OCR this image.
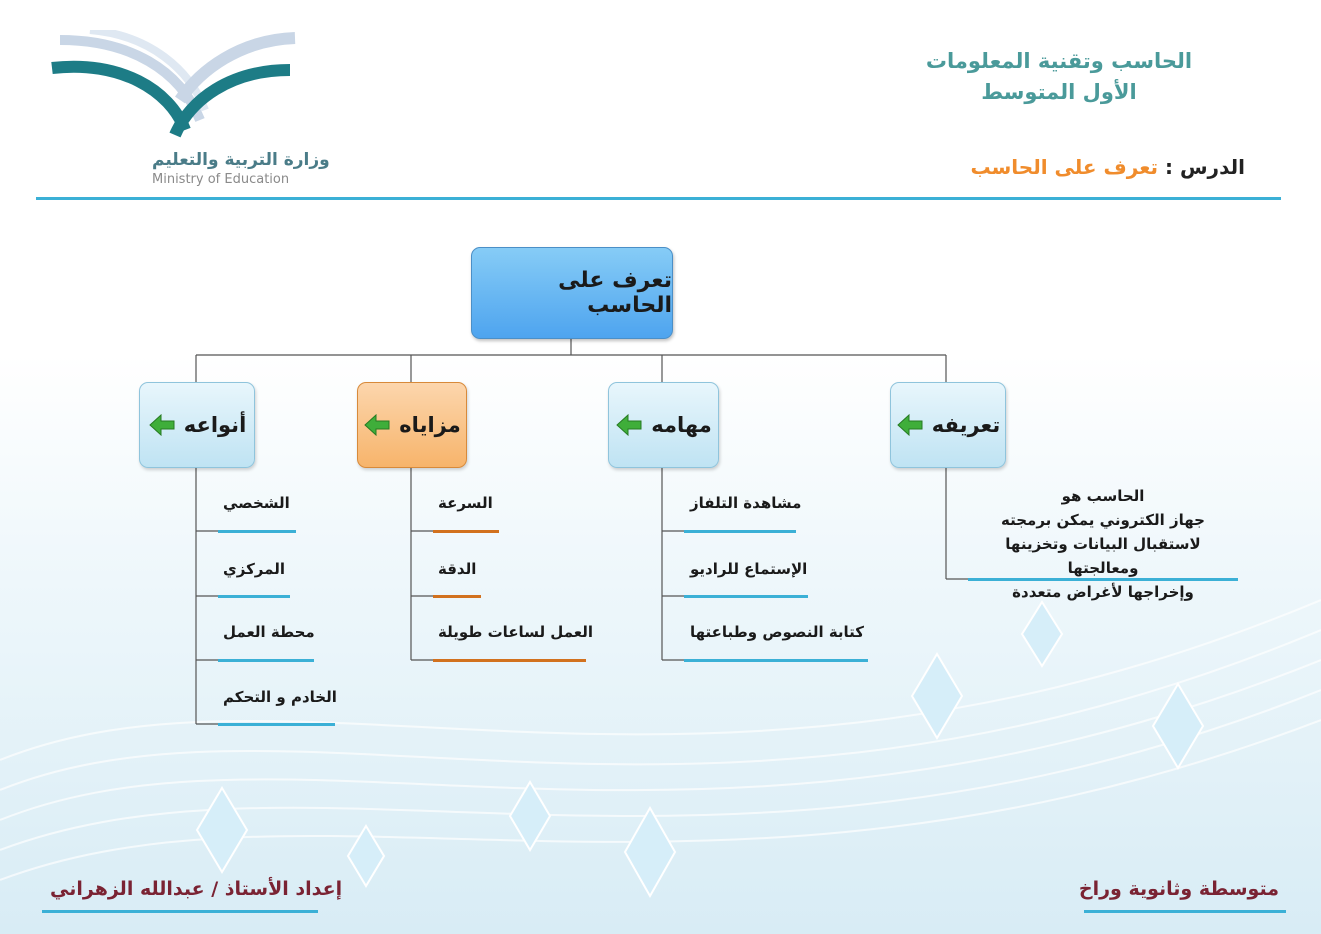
وزارة التربية والتعليم
Ministry of Education
الحاسب وتقنية المعلومات
الأول المتوسط
الدرس : تعرف على الحاسب
تعرف على الحاسب
تعريفه
مهامه
مزاياه
أنواعه
الحاسب هو
جهاز الكتروني يمكن برمجته
لاستقبال البيانات وتخزينها ومعالجتها
وإخراجها لأغراض متعددة
مشاهدة التلفاز
الإستماع للراديو
كتابة النصوص وطباعتها
السرعة
الدقة
العمل لساعات طويلة
الشخصي
المركزي
محطة العمل
الخادم و التحكم
متوسطة وثانوية وراخ
إعداد الأستاذ / عبدالله الزهراني
